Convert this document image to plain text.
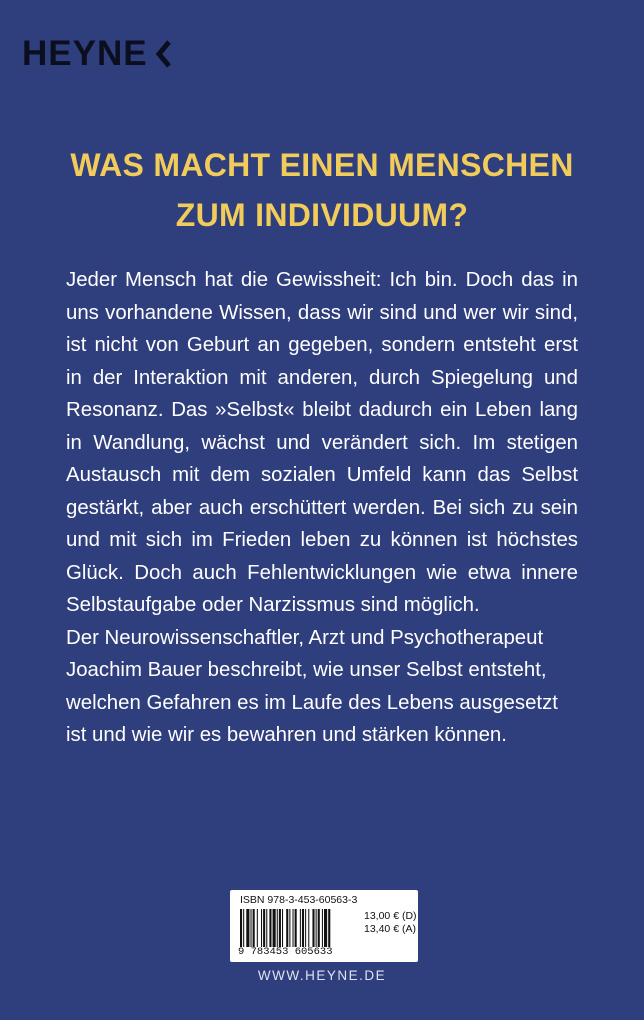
HEYNE
WAS MACHT EINEN MENSCHEN
ZUM INDIVIDUUM?
Jeder Mensch hat die Gewissheit: Ich bin. Doch das in uns vorhandene Wissen, dass wir sind und wer wir sind, ist nicht von Geburt an gegeben, sondern entsteht erst in der Interaktion mit anderen, durch Spiegelung und Resonanz. Das »Selbst« bleibt dadurch ein Leben lang in Wandlung, wächst und verändert sich. Im stetigen Austausch mit dem sozialen Umfeld kann das Selbst gestärkt, aber auch erschüttert werden. Bei sich zu sein und mit sich im Frieden leben zu können ist höchstes Glück. Doch auch Fehlentwicklungen wie etwa innere Selbstaufgabe oder Narzissmus sind möglich.
Der Neurowissenschaftler, Arzt und Psychotherapeut
Joachim Bauer beschreibt, wie unser Selbst entsteht,
welchen Gefahren es im Laufe des Lebens ausgesetzt
ist und wie wir es bewahren und stärken können.
ISBN 978-3-453-60563-3
9 783453 605633
13,00 € (D)
13,40 € (A)
WWW.HEYNE.DE
